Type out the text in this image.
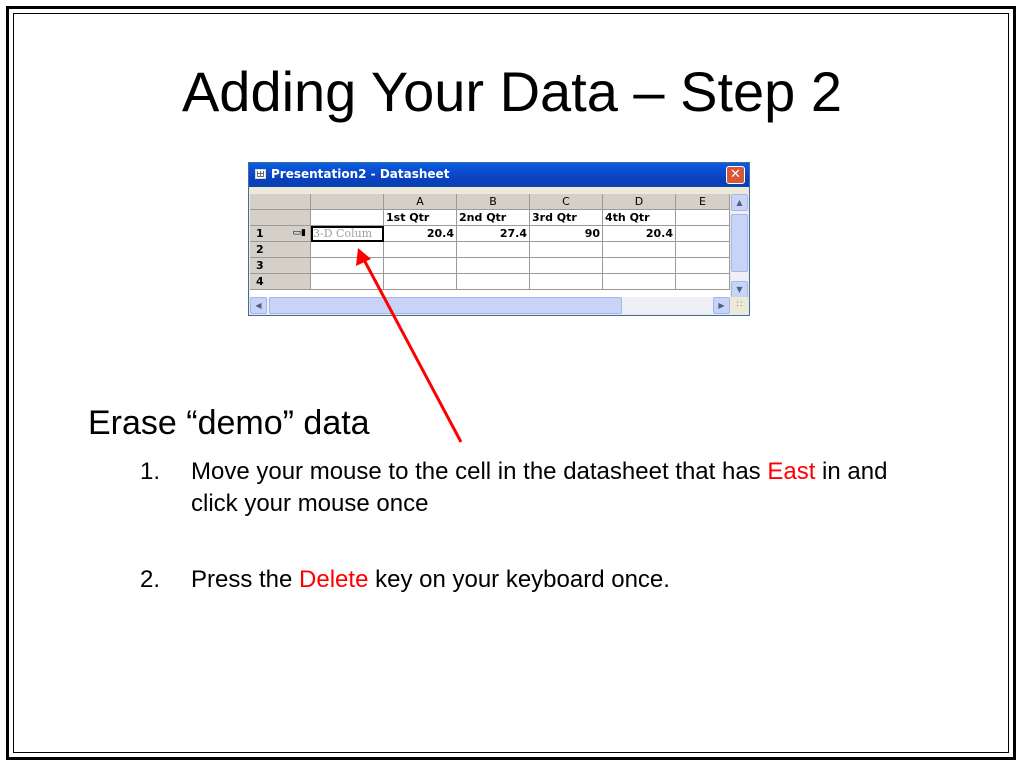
Adding Your Data – Step 2
Presentation2 - Datasheet	✕
		A	B	C	D	E
		1st Qtr	2nd Qtr	3rd Qtr	4th Qtr	
1 ▭▮	3-D Colum	20.4	27.4	90	20.4	
2						
3						
4						
▲
▼
◀	▶	∷
Erase “demo” data
1.	Move your mouse to the cell in the datasheet that has East in and click your mouse once
2.	Press the Delete key on your keyboard once.
